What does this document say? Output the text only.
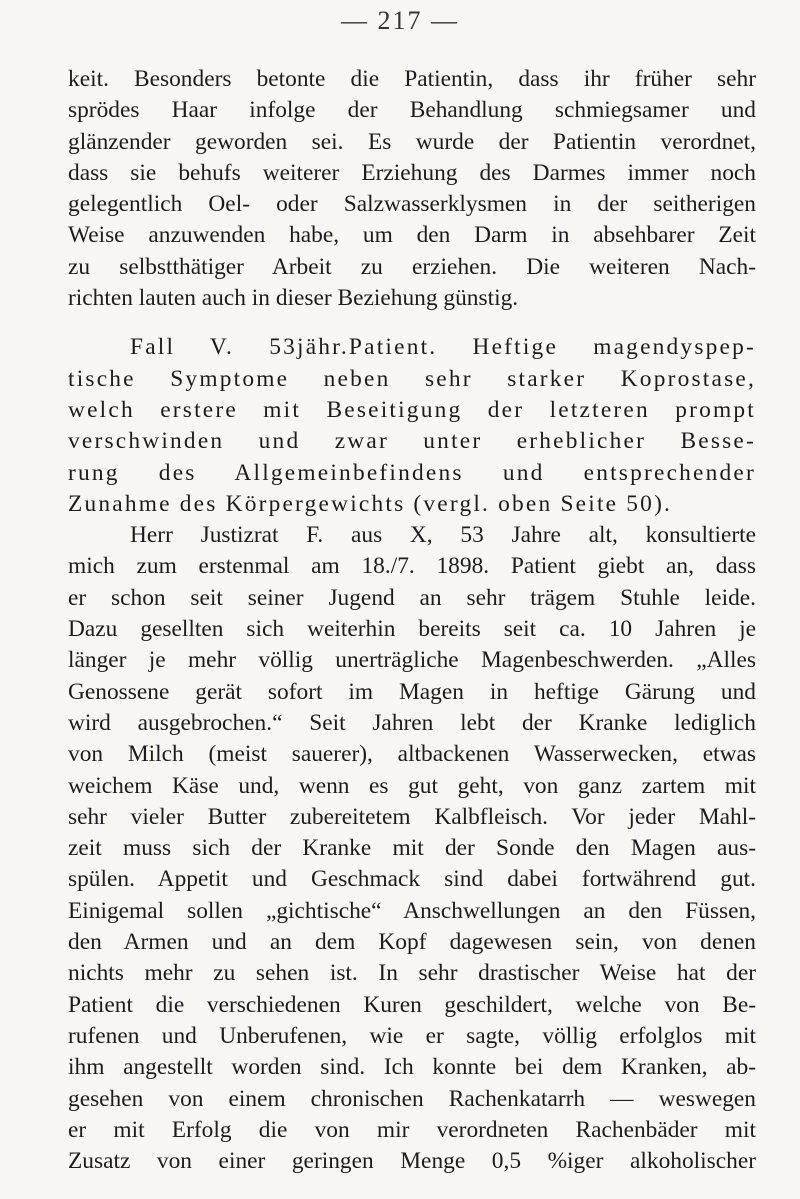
— 217 —
keit. Besonders betonte die Patientin, dass ihr früher sehr
sprödes Haar infolge der Behandlung schmiegsamer und
glänzender geworden sei. Es wurde der Patientin verordnet,
dass sie behufs weiterer Erziehung des Darmes immer noch
gelegentlich Oel- oder Salzwasserklysmen in der seitherigen
Weise anzuwenden habe, um den Darm in absehbarer Zeit
zu selbstthätiger Arbeit zu erziehen. Die weiteren Nach-
richten lauten auch in dieser Beziehung günstig.
Fall V. 53jähr.Patient. Heftige magendyspep-
tische Symptome neben sehr starker Koprostase,
welch erstere mit Beseitigung der letzteren prompt
verschwinden und zwar unter erheblicher Besse-
rung des Allgemeinbefindens und entsprechender
Zunahme des Körpergewichts (vergl. oben Seite 50).
Herr Justizrat F. aus X, 53 Jahre alt, konsultierte
mich zum erstenmal am 18./7. 1898. Patient giebt an, dass
er schon seit seiner Jugend an sehr trägem Stuhle leide.
Dazu gesellten sich weiterhin bereits seit ca. 10 Jahren je
länger je mehr völlig unerträgliche Magenbeschwerden. „Alles
Genossene gerät sofort im Magen in heftige Gärung und
wird ausgebrochen.“ Seit Jahren lebt der Kranke lediglich
von Milch (meist sauerer), altbackenen Wasserwecken, etwas
weichem Käse und, wenn es gut geht, von ganz zartem mit
sehr vieler Butter zubereitetem Kalbfleisch. Vor jeder Mahl-
zeit muss sich der Kranke mit der Sonde den Magen aus-
spülen. Appetit und Geschmack sind dabei fortwährend gut.
Einigemal sollen „gichtische“ Anschwellungen an den Füssen,
den Armen und an dem Kopf dagewesen sein, von denen
nichts mehr zu sehen ist. In sehr drastischer Weise hat der
Patient die verschiedenen Kuren geschildert, welche von Be-
rufenen und Unberufenen, wie er sagte, völlig erfolglos mit
ihm angestellt worden sind. Ich konnte bei dem Kranken, ab-
gesehen von einem chronischen Rachenkatarrh — weswegen
er mit Erfolg die von mir verordneten Rachenbäder mit
Zusatz von einer geringen Menge 0,5 %iger alkoholischer
